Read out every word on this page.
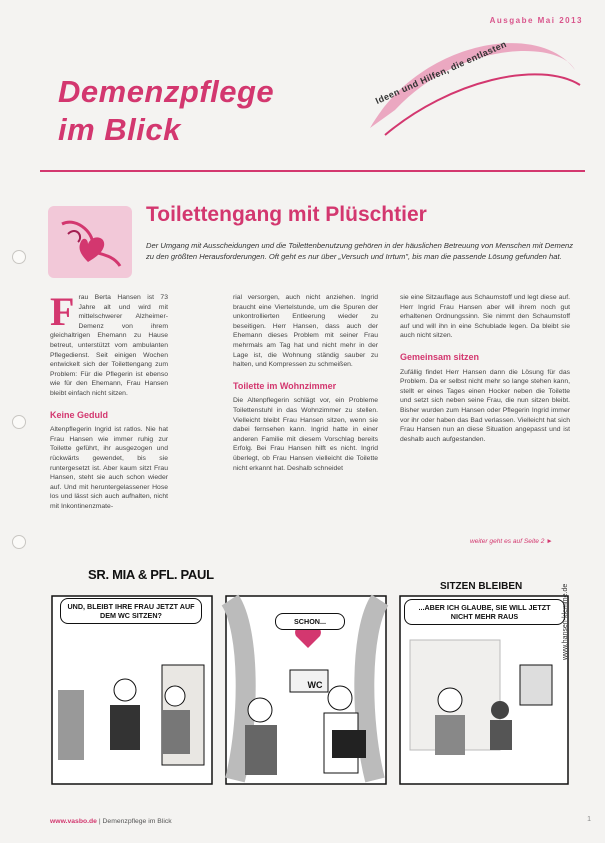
Ausgabe Mai 2013
Demenzpflege
im Blick
Ideen und Hilfen, die entlasten
Toilettengang mit Plüschtier
Der Umgang mit Ausscheidungen und die Toilettenbenutzung gehören in der häuslichen Betreuung von Menschen mit Demenz zu den größten Herausforderungen. Oft geht es nur über „Versuch und Irrtum", bis man die passende Lösung gefunden hat.
F rau Berta Hansen ist 73 Jahre alt und wird mit mittelschwerer Alzheimer-Demenz von ihrem gleichaltrigen Ehemann zu Hause betreut, unterstützt vom ambulanten Pflegedienst. Seit einigen Wochen entwickelt sich der Toilettengang zum Problem: Für die Pflegerin ist ebenso wie für den Ehemann, Frau Hansen bleibt einfach nicht sitzen.
Keine Geduld
Altenpflegerin Ingrid ist ratlos. Nie hat Frau Hansen wie immer ruhig zur Toilette geführt, ihr ausgezogen und rückwärts gewendet, bis sie runtergesetzt ist. Aber kaum sitzt Frau Hansen, steht sie auch schon wieder auf. Und mit heruntergelassener Hose los und lässt sich auch aufhalten, nicht mit Inkontinenzmate-
rial versorgen, auch nicht anziehen. Ingrid braucht eine Viertelstunde, um die Spuren der unkontrollierten Entleerung wieder zu beseitigen. Herr Hansen, dass auch der Ehemann dieses Problem mit seiner Frau mehrmals am Tag hat und nicht mehr in der Lage ist, die Wohnung ständig sauber zu halten, und Kompressen zu schmeißen.
Toilette im Wohnzimmer
Die Altenpflegerin schlägt vor, ein Probleme Toilettenstuhl in das Wohnzimmer zu stellen. Vielleicht bleibt Frau Hansen sitzen, wenn sie dabei fernsehen kann. Ingrid hatte in einer anderen Familie mit diesem Vorschlag bereits Erfolg. Bei Frau Hansen hilft es nicht. Ingrid überlegt, ob Frau Hansen vielleicht die Toilette nicht erkannt hat. Deshalb schneidet
sie eine Sitzauflage aus Schaumstoff und legt diese auf. Herr Ingrid Frau Hansen aber will ihrem noch gut erhaltenen Ordnungssinn. Sie nimmt den Schaumstoff auf und will ihn in eine Schublade legen. Da bleibt sie auch nicht sitzen.
Gemeinsam sitzen
Zufällig findet Herr Hansen dann die Lösung für das Problem. Da er selbst nicht mehr so lange stehen kann, stellt er eines Tages einen Hocker neben die Toilette und setzt sich neben seine Frau, die nun sitzen bleibt. Bisher wurden zum Hansen oder Pflegerin Ingrid immer vor ihr oder haben das Bad verlassen. Vielleicht hat sich Frau Hansen nun an diese Situation angepasst und ist deshalb auch aufgestanden.
weiter geht es auf Seite 2 ►
SR. MIA & PFL. PAUL
SITZEN BLEIBEN
UND, BLEIBT IHRE FRAU JETZT AUF DEM WC SITZEN?
SCHON...
...ABER ICH GLAUBE, SIE WILL JETZT NICHT MEHR RAUS
WC
www.hansen-klemme.de
www.vasbo.de | Demenzpflege im Blick	1
